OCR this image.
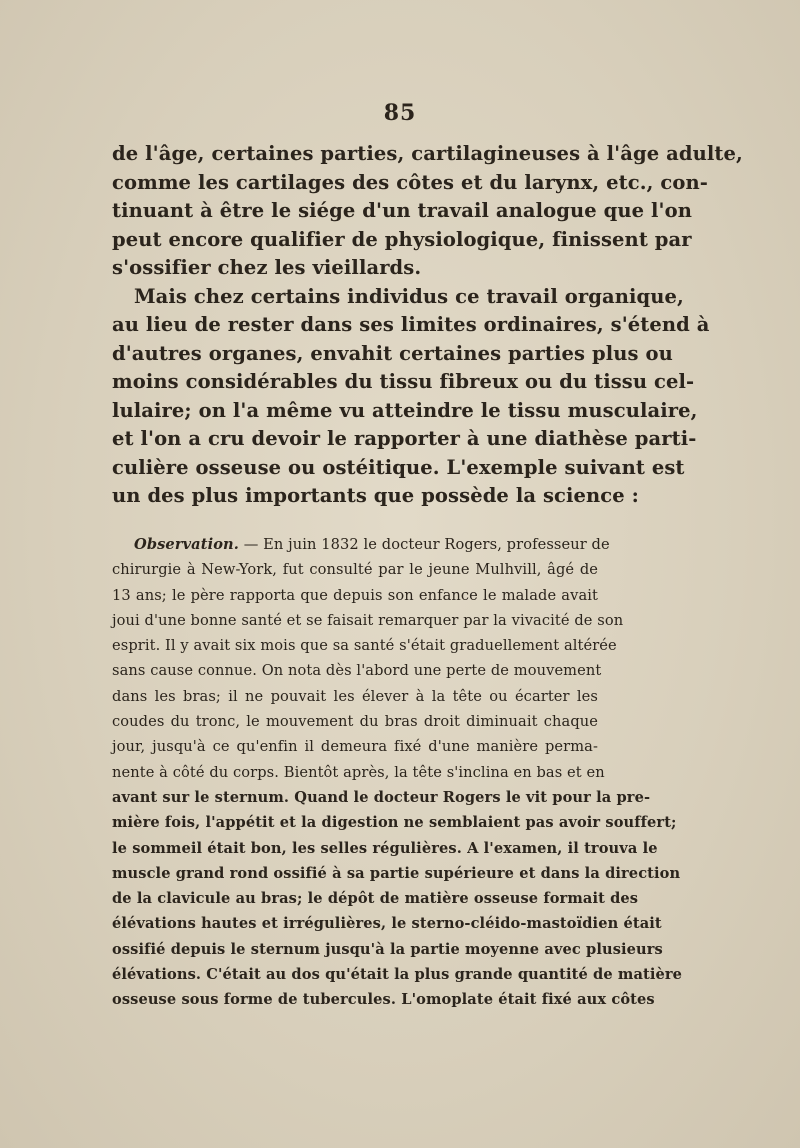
85

de l'âge, certaines parties, cartilagineuses à l'âge adulte,
comme les cartilages des côtes et du larynx, etc., con-
tinuant à être le siége d'un travail analogue que l'on
peut encore qualifier de physiologique, finissent par
s'ossifier chez les vieillards.

Mais chez certains individus ce travail organique,
au lieu de rester dans ses limites ordinaires, s'étend à
d'autres organes, envahit certaines parties plus ou
moins considérables du tissu fibreux ou du tissu cel-
lulaire; on l'a même vu atteindre le tissu musculaire,
et l'on a cru devoir le rapporter à une diathèse parti-
culière osseuse ou ostéitique. L'exemple suivant est
un des plus importants que possède la science :

Observation. — En juin 1832 le docteur Rogers, professeur de
chirurgie à New-York, fut consulté par le jeune Mulhvill, âgé de
13 ans; le père rapporta que depuis son enfance le malade avait
joui d'une bonne santé et se faisait remarquer par la vivacité de son
esprit. Il y avait six mois que sa santé s'était graduellement altérée
sans cause connue. On nota dès l'abord une perte de mouvement
dans les bras; il ne pouvait les élever à la tête ou écarter les
coudes du tronc, le mouvement du bras droit diminuait chaque
jour, jusqu'à ce qu'enfin il demeura fixé d'une manière perma-
nente à côté du corps. Bientôt après, la tête s'inclina en bas et en
avant sur le sternum. Quand le docteur Rogers le vit pour la pre-
mière fois, l'appétit et la digestion ne semblaient pas avoir souffert;
le sommeil était bon, les selles régulières. A l'examen, il trouva le
muscle grand rond ossifié à sa partie supérieure et dans la direction
de la clavicule au bras; le dépôt de matière osseuse formait des
élévations hautes et irrégulières, le sterno-cléido-mastoïdien était
ossifié depuis le sternum jusqu'à la partie moyenne avec plusieurs
élévations. C'était au dos qu'était la plus grande quantité de matière
osseuse sous forme de tubercules. L'omoplate était fixé aux côtes
